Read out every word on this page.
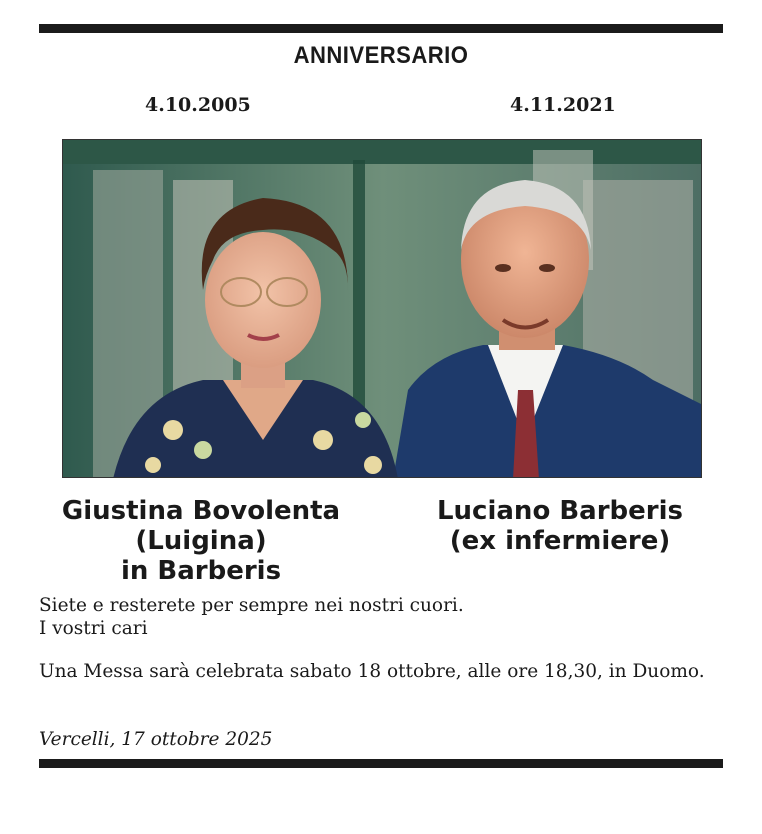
ANNIVERSARIO
4.10.2005	4.11.2021
Giustina Bovolenta
(Luigina)
in Barberis
Luciano Barberis
(ex infermiere)
Siete e resterete per sempre nei nostri cuori.
I vostri cari
Una Messa sarà celebrata sabato 18 ottobre, alle ore 18,30, in Duomo.
Vercelli, 17 ottobre 2025
